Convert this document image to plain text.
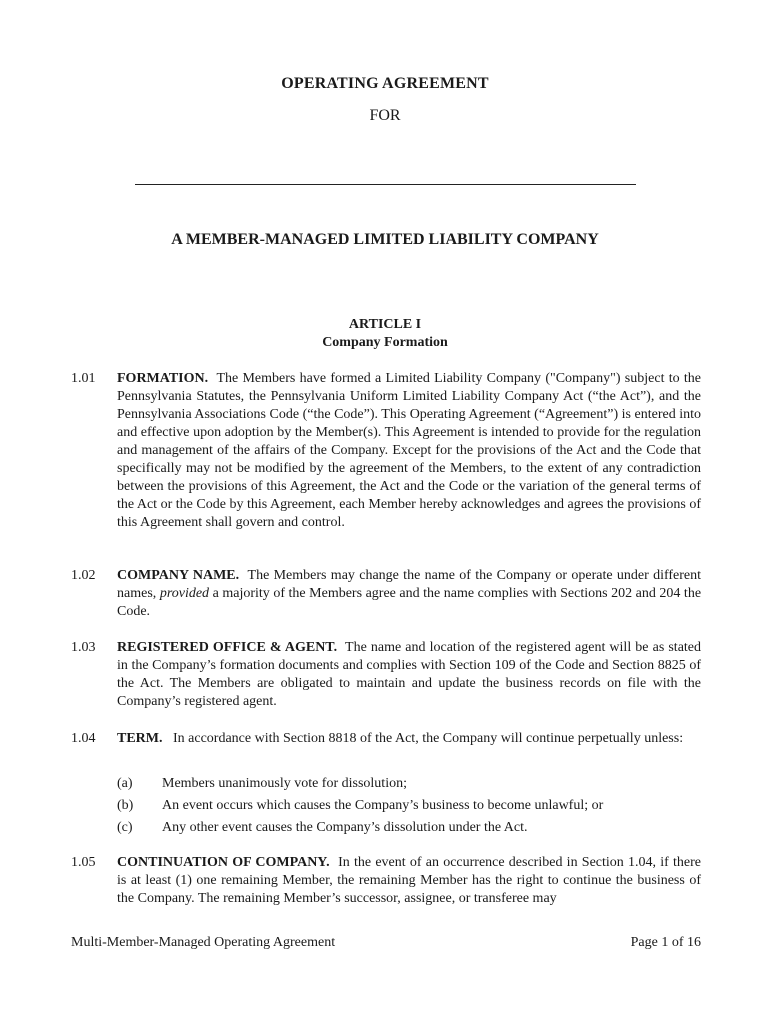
OPERATING AGREEMENT
FOR
A MEMBER-MANAGED LIMITED LIABILITY COMPANY
ARTICLE I
Company Formation
1.01	FORMATION. The Members have formed a Limited Liability Company ("Company") subject to the Pennsylvania Statutes, the Pennsylvania Uniform Limited Liability Company Act (“the Act”), and the Pennsylvania Associations Code (“the Code”). This Operating Agreement (“Agreement”) is entered into and effective upon adoption by the Member(s). This Agreement is intended to provide for the regulation and management of the affairs of the Company. Except for the provisions of the Act and the Code that specifically may not be modified by the agreement of the Members, to the extent of any contradiction between the provisions of this Agreement, the Act and the Code or the variation of the general terms of the Act or the Code by this Agreement, each Member hereby acknowledges and agrees the provisions of this Agreement shall govern and control.
1.02	COMPANY NAME. The Members may change the name of the Company or operate under different names, provided a majority of the Members agree and the name complies with Sections 202 and 204 the Code.
1.03	REGISTERED OFFICE & AGENT. The name and location of the registered agent will be as stated in the Company’s formation documents and complies with Section 109 of the Code and Section 8825 of the Act. The Members are obligated to maintain and update the business records on file with the Company’s registered agent.
1.04	TERM. In accordance with Section 8818 of the Act, the Company will continue perpetually unless:
(a) Members unanimously vote for dissolution;
(b) An event occurs which causes the Company’s business to become unlawful; or
(c) Any other event causes the Company’s dissolution under the Act.
1.05	CONTINUATION OF COMPANY. In the event of an occurrence described in Section 1.04, if there is at least (1) one remaining Member, the remaining Member has the right to continue the business of the Company. The remaining Member’s successor, assignee, or transferee may
Multi-Member-Managed Operating Agreement	Page 1 of 16
